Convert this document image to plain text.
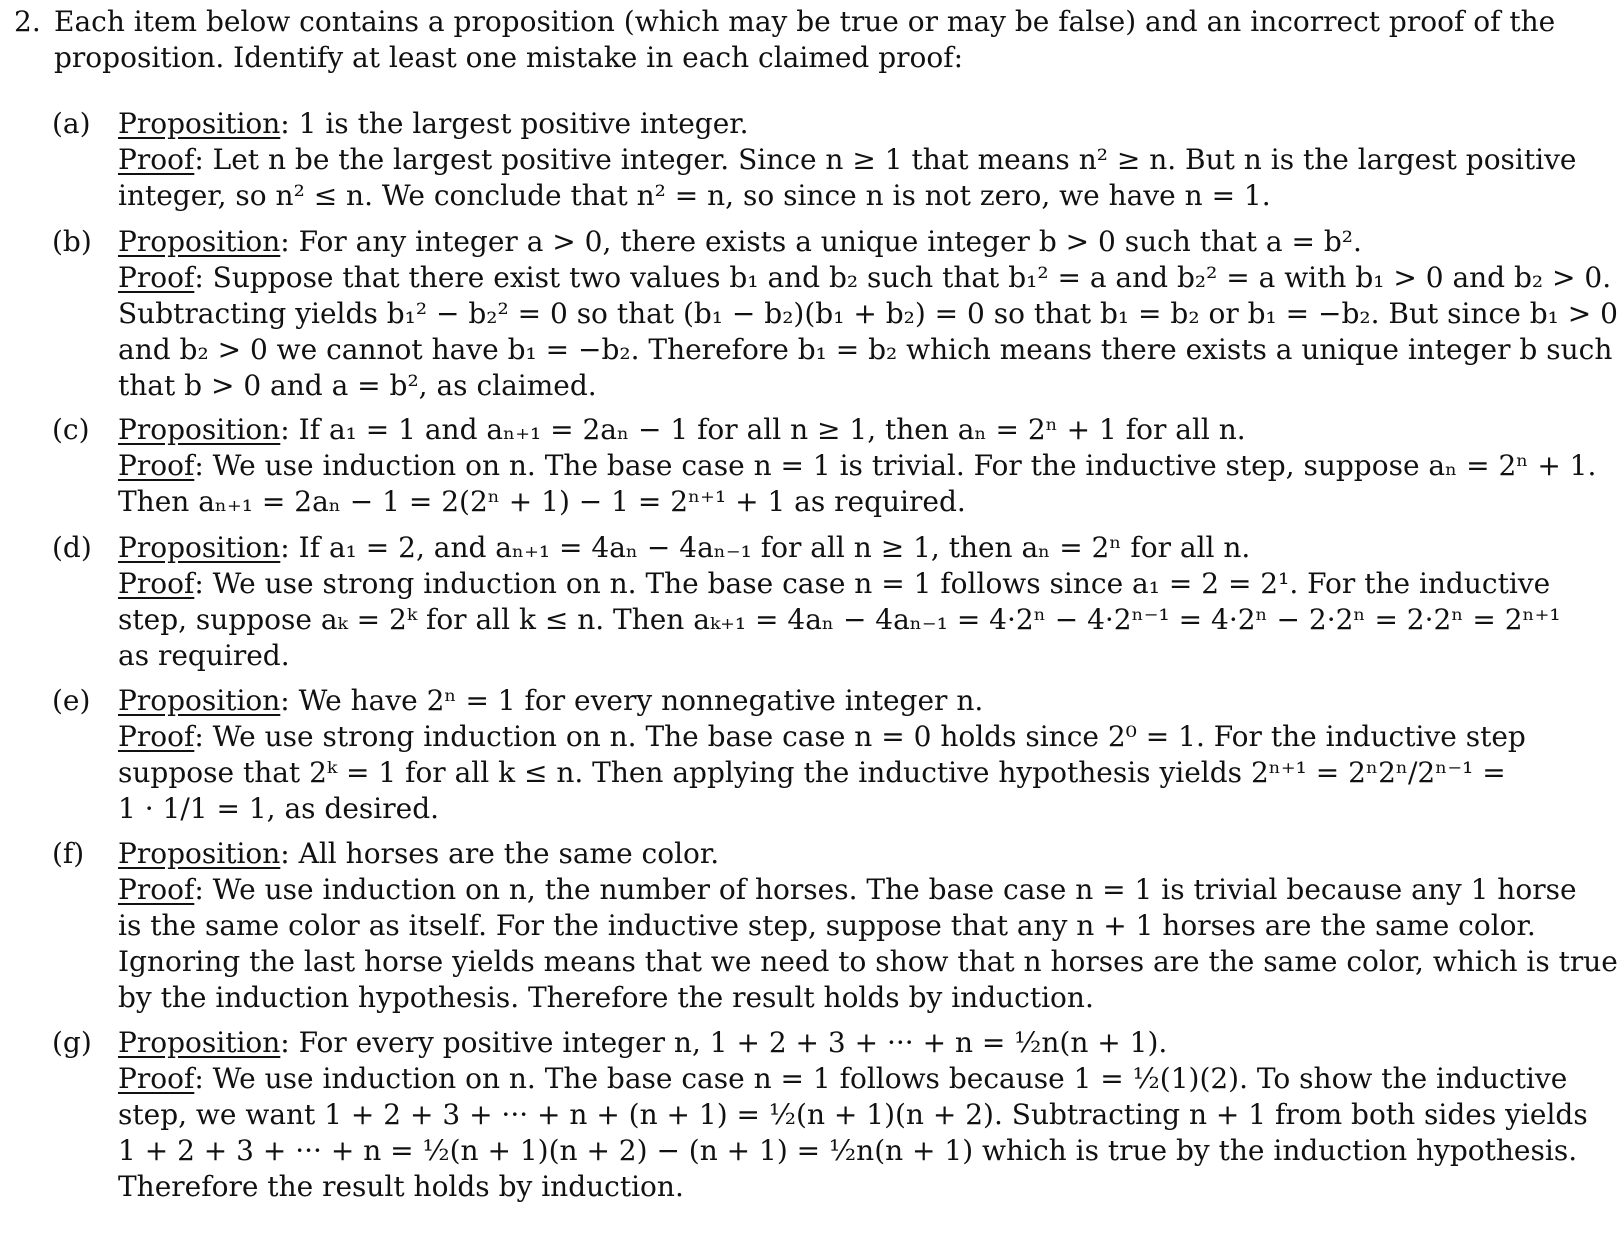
2. Each item below contains a proposition (which may be true or may be false) and an incorrect proof of the
proposition. Identify at least one mistake in each claimed proof:
(a) Proposition: 1 is the largest positive integer.
Proof: Let n be the largest positive integer. Since n ≥ 1 that means n² ≥ n. But n is the largest positive
integer, so n² ≤ n. We conclude that n² = n, so since n is not zero, we have n = 1.
(b) Proposition: For any integer a > 0, there exists a unique integer b > 0 such that a = b².
Proof: Suppose that there exist two values b₁ and b₂ such that b₁² = a and b₂² = a with b₁ > 0 and b₂ > 0.
Subtracting yields b₁² − b₂² = 0 so that (b₁ − b₂)(b₁ + b₂) = 0 so that b₁ = b₂ or b₁ = −b₂. But since b₁ > 0
and b₂ > 0 we cannot have b₁ = −b₂. Therefore b₁ = b₂ which means there exists a unique integer b such
that b > 0 and a = b², as claimed.
(c) Proposition: If a₁ = 1 and aₙ₊₁ = 2aₙ − 1 for all n ≥ 1, then aₙ = 2ⁿ + 1 for all n.
Proof: We use induction on n. The base case n = 1 is trivial. For the inductive step, suppose aₙ = 2ⁿ + 1.
Then aₙ₊₁ = 2aₙ − 1 = 2(2ⁿ + 1) − 1 = 2ⁿ⁺¹ + 1 as required.
(d) Proposition: If a₁ = 2, and aₙ₊₁ = 4aₙ − 4aₙ₋₁ for all n ≥ 1, then aₙ = 2ⁿ for all n.
Proof: We use strong induction on n. The base case n = 1 follows since a₁ = 2 = 2¹. For the inductive
step, suppose aₖ = 2ᵏ for all k ≤ n. Then aₖ₊₁ = 4aₙ − 4aₙ₋₁ = 4·2ⁿ − 4·2ⁿ⁻¹ = 4·2ⁿ − 2·2ⁿ = 2·2ⁿ = 2ⁿ⁺¹
as required.
(e) Proposition: We have 2ⁿ = 1 for every nonnegative integer n.
Proof: We use strong induction on n. The base case n = 0 holds since 2⁰ = 1. For the inductive step
suppose that 2ᵏ = 1 for all k ≤ n. Then applying the inductive hypothesis yields 2ⁿ⁺¹ = 2ⁿ2ⁿ/2ⁿ⁻¹ =
1 · 1/1 = 1, as desired.
(f) Proposition: All horses are the same color.
Proof: We use induction on n, the number of horses. The base case n = 1 is trivial because any 1 horse
is the same color as itself. For the inductive step, suppose that any n + 1 horses are the same color.
Ignoring the last horse yields means that we need to show that n horses are the same color, which is true
by the induction hypothesis. Therefore the result holds by induction.
(g) Proposition: For every positive integer n, 1 + 2 + 3 + ··· + n = ½n(n + 1).
Proof: We use induction on n. The base case n = 1 follows because 1 = ½(1)(2). To show the inductive
step, we want 1 + 2 + 3 + ··· + n + (n + 1) = ½(n + 1)(n + 2). Subtracting n + 1 from both sides yields
1 + 2 + 3 + ··· + n = ½(n + 1)(n + 2) − (n + 1) = ½n(n + 1) which is true by the induction hypothesis.
Therefore the result holds by induction.
